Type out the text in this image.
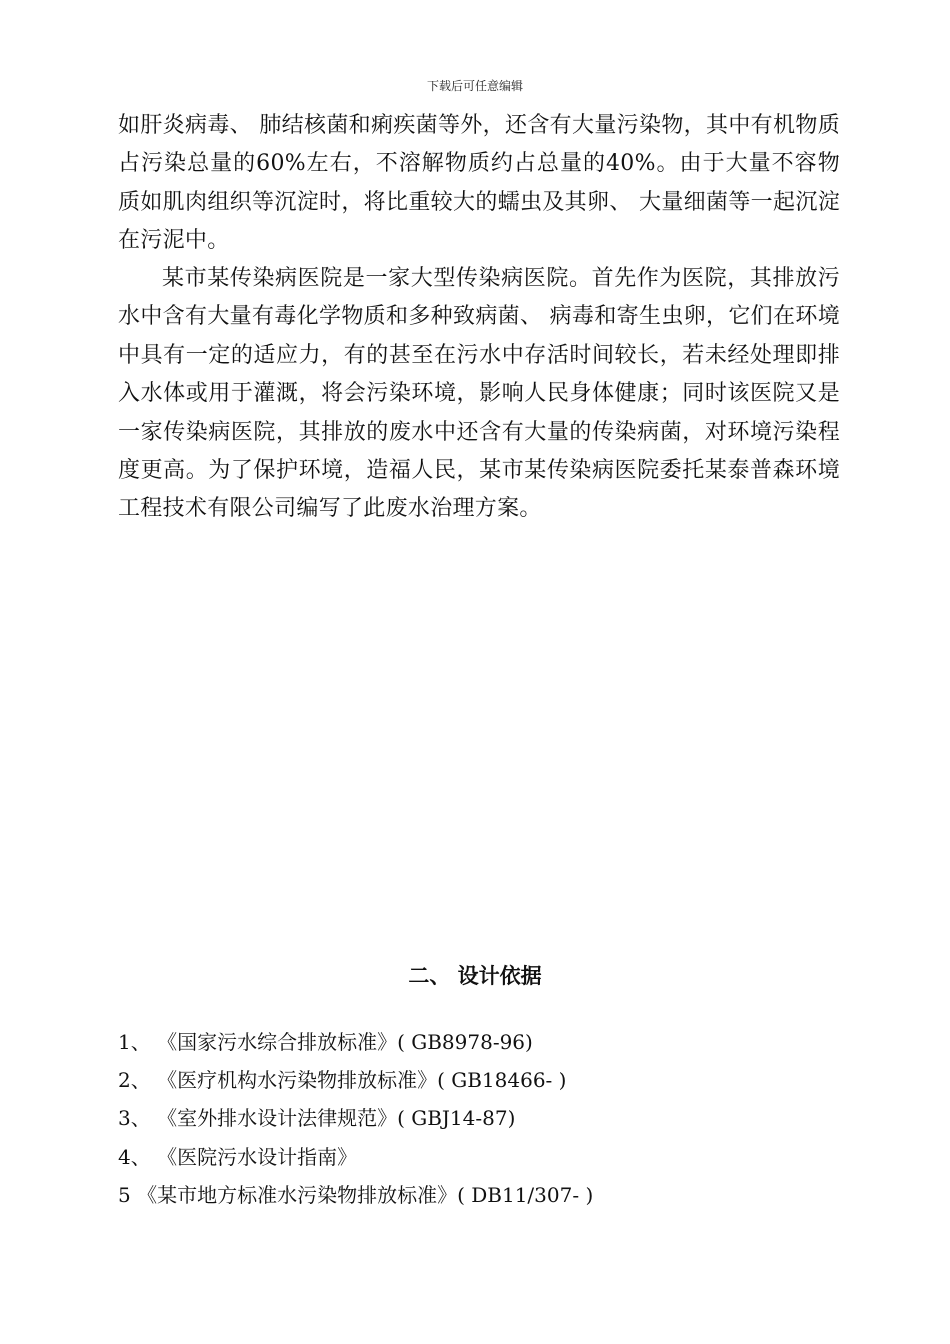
下载后可任意编辑

如肝炎病毒、 肺结核菌和痢疾菌等外，还含有大量污染物，其中有机物质占污染总量的60%左右，不溶解物质约占总量的40%。由于大量不容物质如肌肉组织等沉淀时，将比重较大的蠕虫及其卵、 大量细菌等一起沉淀在污泥中。

某市某传染病医院是一家大型传染病医院。首先作为医院，其排放污水中含有大量有毒化学物质和多种致病菌、 病毒和寄生虫卵，它们在环境中具有一定的适应力，有的甚至在污水中存活时间较长，若未经处理即排入水体或用于灌溉，将会污染环境，影响人民身体健康；同时该医院又是一家传染病医院，其排放的废水中还含有大量的传染病菌，对环境污染程度更高。为了保护环境，造福人民，某市某传染病医院委托某泰普森环境工程技术有限公司编写了此废水治理方案。

二、 设计依据
1、 《国家污水综合排放标准》( GB8978-96)
2、 《医疗机构水污染物排放标准》( GB18466- )
3、 《室外排水设计法律规范》( GBJ14-87)
4、 《医院污水设计指南》
5 《某市地方标准水污染物排放标准》( DB11/307- )
